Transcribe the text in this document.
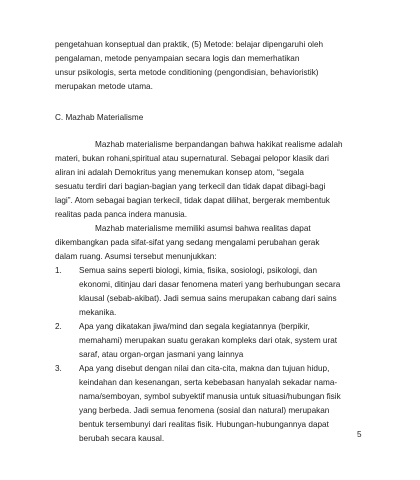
pengetahuan konseptual dan praktik, (5) Metode: belajar dipengaruhi oleh
pengalaman, metode penyampaian secara logis dan memerhatikan
unsur psikologis, serta metode conditioning (pengondisian, behavioristik)
merupakan metode utama.
C. Mazhab Materialisme
Mazhab materialisme berpandangan bahwa hakikat realisme adalah
materi, bukan rohani,spiritual atau supernatural. Sebagai pelopor klasik dari
aliran ini adalah Demokritus yang menemukan konsep atom, “segala
sesuatu terdiri dari bagian-bagian yang terkecil dan tidak dapat dibagi-bagi
lagi”. Atom sebagai bagian terkecil, tidak dapat dilihat, bergerak membentuk
realitas pada panca indera manusia.
Mazhab materialisme memiliki asumsi bahwa realitas dapat
dikembangkan pada sifat-sifat yang sedang mengalami perubahan gerak
dalam ruang. Asumsi tersebut menunjukkan:
1. Semua sains seperti biologi, kimia, fisika, sosiologi, psikologi, dan
ekonomi, ditinjau dari dasar fenomena materi yang berhubungan secara
klausal (sebab-akibat). Jadi semua sains merupakan cabang dari sains
mekanika.
2. Apa yang dikatakan jiwa/mind dan segala kegiatannya (berpikir,
memahami) merupakan suatu gerakan kompleks dari otak, system urat
saraf, atau organ-organ jasmani yang lainnya
3. Apa yang disebut dengan nilai dan cita-cita, makna dan tujuan hidup,
keindahan dan kesenangan, serta kebebasan hanyalah sekadar nama-
nama/semboyan, symbol subyektif manusia untuk situasi/hubungan fisik
yang berbeda. Jadi semua fenomena (sosial dan natural) merupakan
bentuk tersembunyi dari realitas fisik. Hubungan-hubungannya dapat
berubah secara kausal.	5
